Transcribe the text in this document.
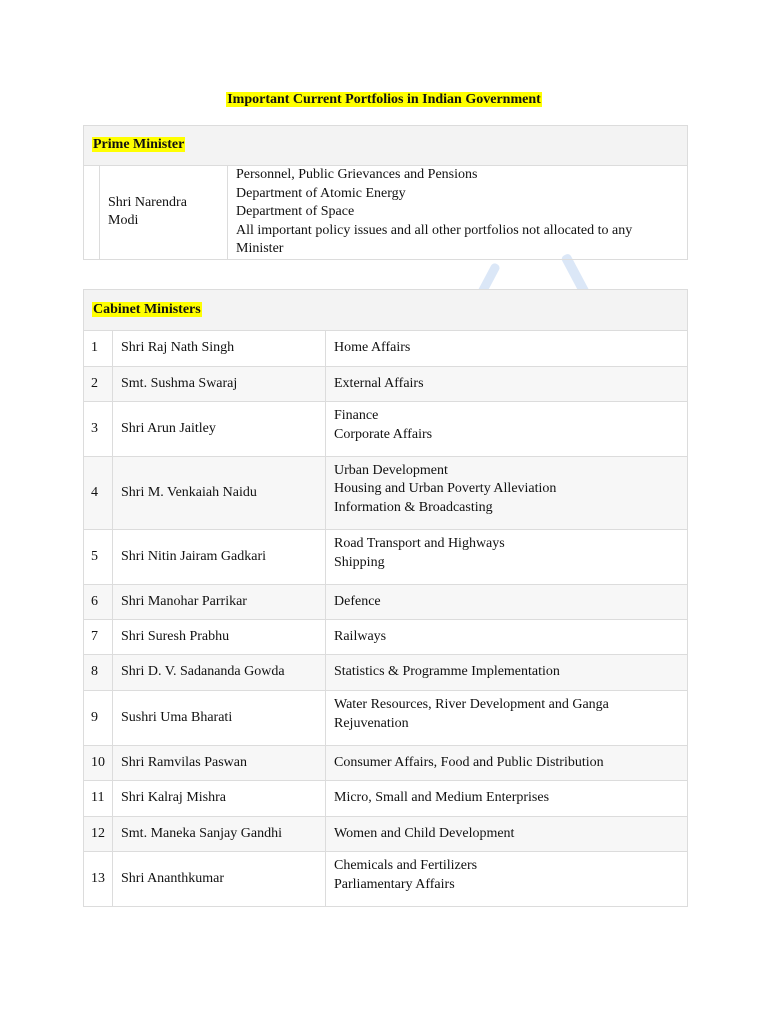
Important Current Portfolios in Indian Government
Prime Minister
	Shri Narendra Modi	
Personnel, Public Grievances and Pensions
Department of Atomic Energy
Department of Space
All important policy issues and all other portfolios not allocated to any Minister
Cabinet Ministers		
1	Shri Raj Nath Singh	Home Affairs

2	Smt. Sushma Swaraj	External Affairs

3	Shri Arun Jaitley	Finance
Corporate Affairs

4	Shri M. Venkaiah Naidu	Urban Development
Housing and Urban Poverty Alleviation
Information & Broadcasting

5	Shri Nitin Jairam Gadkari	Road Transport and Highways
Shipping

6	Shri Manohar Parrikar	Defence

7	Shri Suresh Prabhu	Railways

8	Shri D. V. Sadananda Gowda	Statistics & Programme Implementation

9	Sushri Uma Bharati	Water Resources, River Development and Ganga
Rejuvenation

10	Shri Ramvilas Paswan	Consumer Affairs, Food and Public Distribution

11	Shri Kalraj Mishra	Micro, Small and Medium Enterprises

12	Smt. Maneka Sanjay Gandhi	Women and Child Development

13	Shri Ananthkumar	Chemicals and Fertilizers
Parliamentary Affairs
